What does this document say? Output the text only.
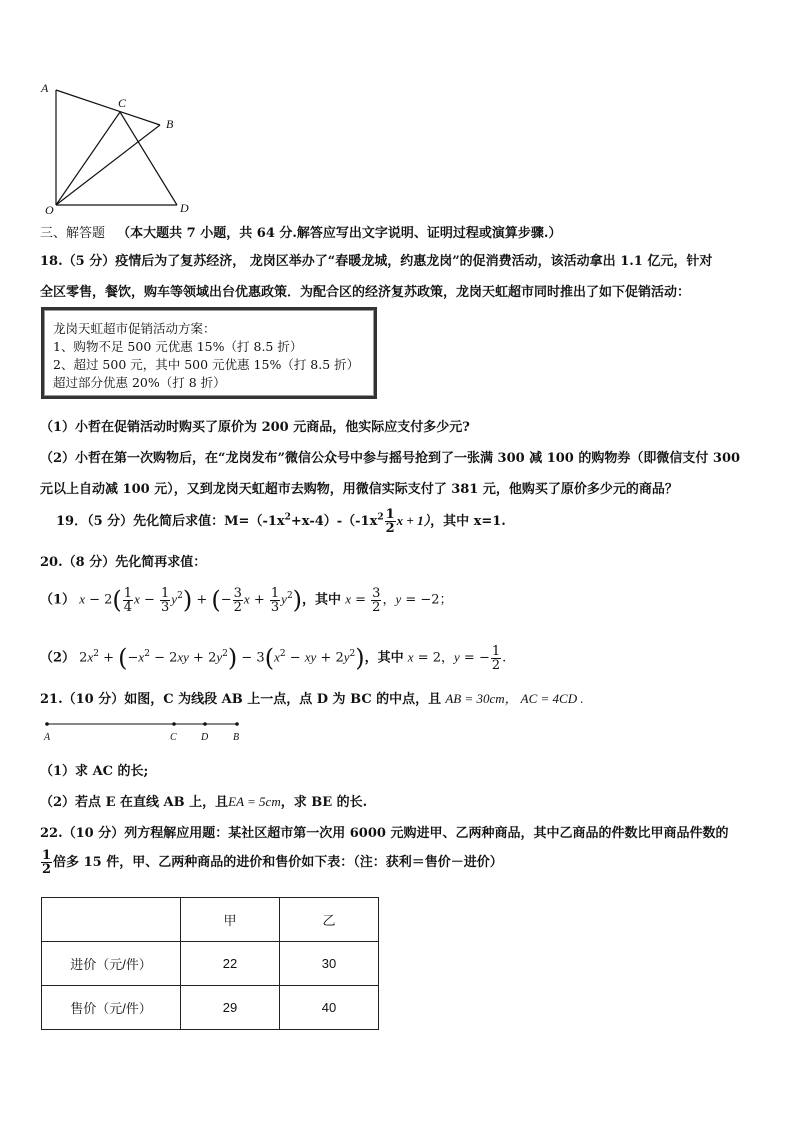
A
C
B
O	D
三、解答题 （本大题共 7 小题，共 64 分.解答应写出文字说明、证明过程或演算步骤.）
18.（5 分）疫情后为了复苏经济， 龙岗区举办了“春暖龙城，约惠龙岗”的促消费活动，该活动拿出 1.1 亿元，针对
全区零售，餐饮，购车等领域出台优惠政策．为配合区的经济复苏政策，龙岗天虹超市同时推出了如下促销活动：
龙岗天虹超市促销活动方案：
1、购物不足 500 元优惠 15%（打 8.5 折）
2、超过 500 元，其中 500 元优惠 15%（打 8.5 折）
超过部分优惠 20%（打 8 折）
（1）小哲在促销活动时购买了原价为 200 元商品，他实际应支付多少元?
（2）小哲在第一次购物后，在“龙岗发布”微信公众号中参与摇号抢到了一张满 300 减 100 的购物券（即微信支付 300
元以上自动减 100 元），又到龙岗天虹超市去购物，用微信实际支付了 381 元，他购买了原价多少元的商品？
19．（5 分）先化简后求值：$M=(-1x^2+x-4)-(-1x^2 \frac{1}{2}$ x + 1），其中 x=1.
20.（8 分）先化简再求值：
（1） $x - 2( \frac{1}{4}$ $x - \frac{1}{3} y^2$) + (− $\frac{3}{2}$ $x + \frac{1}{3} y^2$)，其中 $x = \frac{3}{2}$ ，y = −2；
（2） $2x^2 + (-x^2 - 2xy + 2y^2) - 3(x^2$ − xy + $2y^2$)，其中 x = 2，y = − $\frac{1}{2}$ .
21.（10 分）如图，C 为线段 AB 上一点，点 D 为 BC 的中点，且 AB = 30cm， AC = 4CD .
A	C D B
（1）求 AC 的长;
（2）若点 E 在直线 AB 上，且EA = 5cm，求 BE 的长.
22.（10 分）列方程解应用题：某社区超市第一次用 6000 元购进甲、乙两种商品，其中乙商品的件数比甲商品件数的
$\frac{1}{2}$ 倍多 15 件，甲、乙两种商品的进价和售价如下表：（注：获利＝售价－进价）
	甲	乙
进价（元/件）	22	30
售价（元/件）	29	40
